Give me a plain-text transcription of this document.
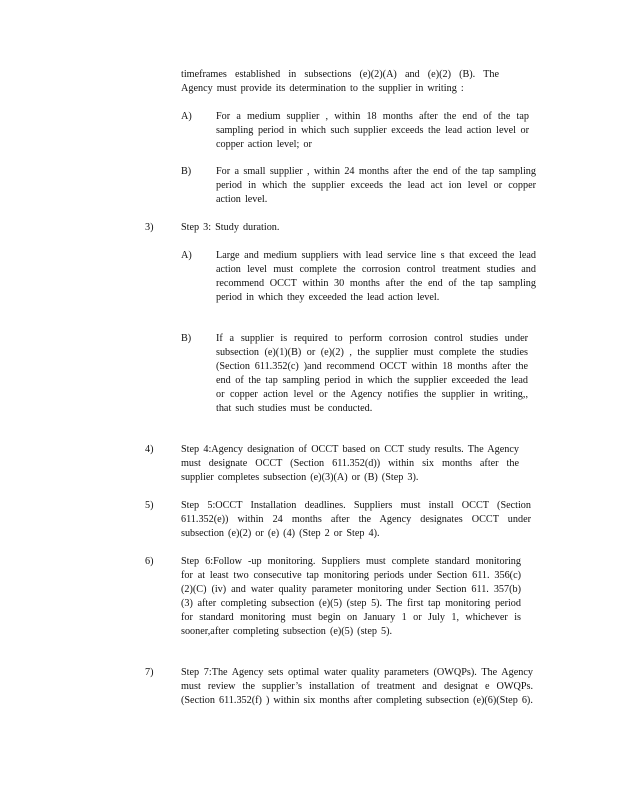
timeframes established in subsections (e)(2)(A) and (e)(2) (B). The Agency must provide its determination to the supplier in writing :
A) For a medium supplier , within 18 months after the end of the tap sampling period in which such supplier exceeds the lead action level or copper action level; or
B) For a small supplier , within 24 months after the end of the tap sampling period in which the supplier exceeds the lead act ion level or copper action level.
3)	Step 3: Study duration.
A) Large and medium suppliers with lead service line s that exceed the lead action level must complete the corrosion control treatment studies and recommend OCCT within 30 months after the end of the tap sampling period in which they exceeded the lead action level.
B) If a supplier is required to perform corrosion control studies under subsection (e)(1)(B) or (e)(2) , the supplier must complete the studies (Section 611.352(c) )and recommend OCCT within 18 months after the end of the tap sampling period in which the supplier exceeded the lead or copper action level or the Agency notifies the supplier in writing,, that such studies must be conducted.
4)	Step 4:Agency designation of OCCT based on CCT study results. The Agency must designate OCCT (Section 611.352(d)) within six months after the supplier completes subsection (e)(3)(A) or (B) (Step 3).
5)	Step 5:OCCT Installation deadlines. Suppliers must install OCCT (Section 611.352(e)) within 24 months after the Agency designates OCCT under subsection (e)(2) or (e) (4) (Step 2 or Step 4).
6)	Step 6:Follow -up monitoring. Suppliers must complete standard monitoring for at least two consecutive tap monitoring periods under Section 611. 356(c)(2)(C) (iv) and water quality parameter monitoring under Section 611. 357(b)(3) after completing subsection (e)(5) (step 5). The first tap monitoring period for standard monitoring must begin on January 1 or July 1, whichever is sooner,after completing subsection (e)(5) (step 5).
7)	Step 7:The Agency sets optimal water quality parameters (OWQPs). The Agency must review the supplier’s installation of treatment and designat e OWQPs. (Section 611.352(f) ) within six months after completing subsection (e)(6)(Step 6).
